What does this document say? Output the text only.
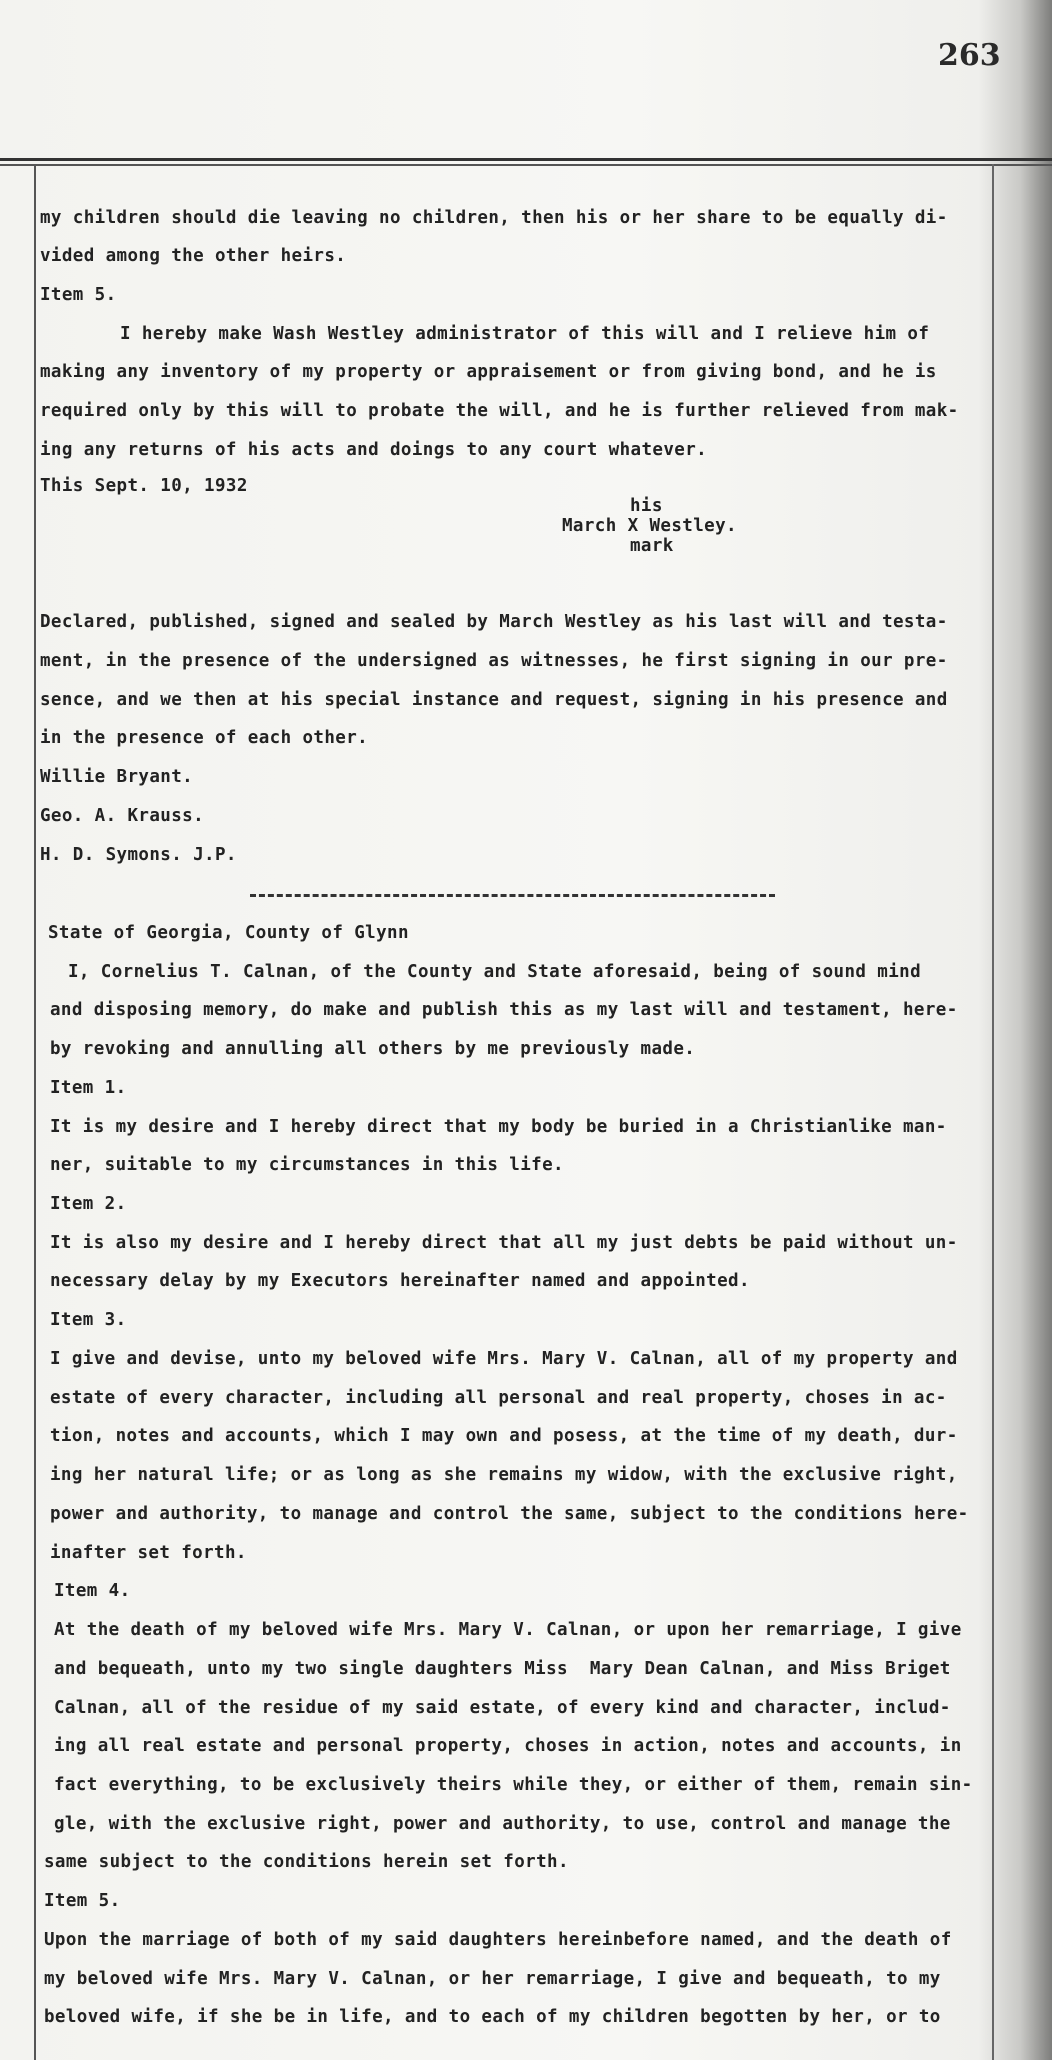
263
my children should die leaving no children, then his or her share to be equally di-
vided among the other heirs.
Item 5.
I hereby make Wash Westley administrator of this will and I relieve him of
making any inventory of my property or appraisement or from giving bond, and he is
required only by this will to probate the will, and he is further relieved from mak-
ing any returns of his acts and doings to any court whatever.
This Sept. 10, 1932
his
March X Westley.
mark
Declared, published, signed and sealed by March Westley as his last will and testa-
ment, in the presence of the undersigned as witnesses, he first signing in our pre-
sence, and we then at his special instance and request, signing in his presence and
in the presence of each other.
Willie Bryant.
Geo. A. Krauss.
H. D. Symons. J.P.
State of Georgia, County of Glynn
I, Cornelius T. Calnan, of the County and State aforesaid, being of sound mind
and disposing memory, do make and publish this as my last will and testament, here-
by revoking and annulling all others by me previously made.
Item 1.
It is my desire and I hereby direct that my body be buried in a Christianlike man-
ner, suitable to my circumstances in this life.
Item 2.
It is also my desire and I hereby direct that all my just debts be paid without un-
necessary delay by my Executors hereinafter named and appointed.
Item 3.
I give and devise, unto my beloved wife Mrs. Mary V. Calnan, all of my property and
estate of every character, including all personal and real property, choses in ac-
tion, notes and accounts, which I may own and posess, at the time of my death, dur-
ing her natural life; or as long as she remains my widow, with the exclusive right,
power and authority, to manage and control the same, subject to the conditions here-
inafter set forth.
Item 4.
At the death of my beloved wife Mrs. Mary V. Calnan, or upon her remarriage, I give
and bequeath, unto my two single daughters Miss  Mary Dean Calnan, and Miss Briget
Calnan, all of the residue of my said estate, of every kind and character, includ-
ing all real estate and personal property, choses in action, notes and accounts, in
fact everything, to be exclusively theirs while they, or either of them, remain sin-
gle, with the exclusive right, power and authority, to use, control and manage the
same subject to the conditions herein set forth.
Item 5.
Upon the marriage of both of my said daughters hereinbefore named, and the death of
my beloved wife Mrs. Mary V. Calnan, or her remarriage, I give and bequeath, to my
beloved wife, if she be in life, and to each of my children begotten by her, or to
